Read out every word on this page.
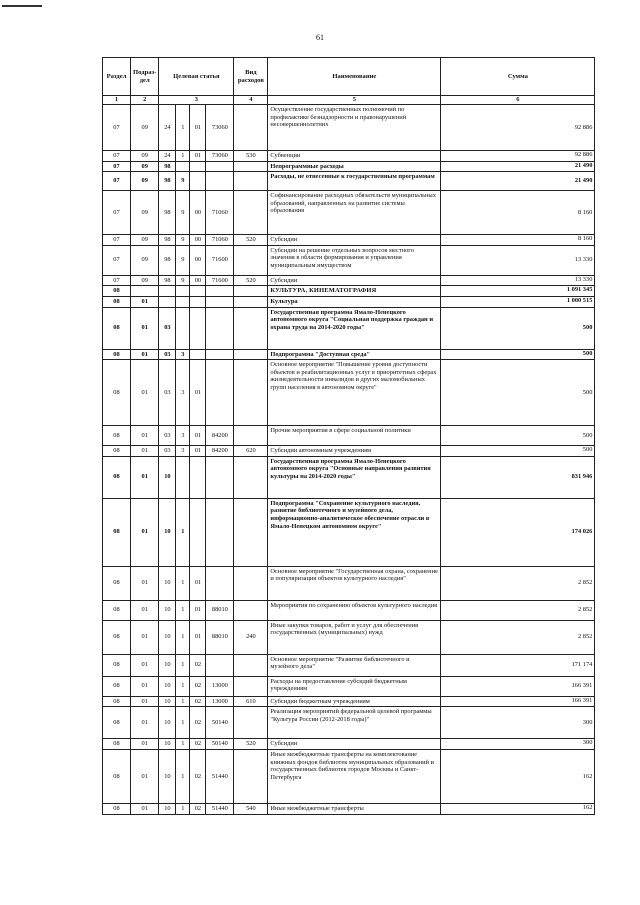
61
Раздел	Подраз-дел	Целевая статья				Вид расходов	Наименование	Сумма
1	2	3				4	5	6
07	09	24	1	01	73060		Осуществление государственных полномочий по профилактике безнадзорности и правонарушений несовершеннолетних	92 886
07	09	24	1	01	73060	530	Субвенции	92 886
07	09	98					Непрограммные расходы	21 490
07	09	98	9				Расходы, не отнесенные к государственным программам	21 490
07	09	98	9	00	71060		Софинансирование расходных обязательств муниципальных образований, направленных на развитие системы образования	8 160
07	09	98	9	00	71060	520	Субсидии	8 160
07	09	98	9	00	71600		Субсидии на решение отдельных вопросов местного значения в области формирования и управления муниципальным имуществом	13 330
07	09	98	9	00	71600	520	Субсидии	13 330
08							КУЛЬТУРА, КИНЕМАТОГРАФИЯ	1 091 345
08	01						Культура	1 000 515
08	01	03					Государственная программа Ямало-Ненецкого автономного округа "Социальная поддержка граждан и охрана труда на 2014-2020 годы"	500
08	01	03	3				Подпрограмма "Доступная среда"	500
08	01	03	3	01			Основное мероприятие "Повышение уровня доступности объектов и реабилитационных услуг в приоритетных сферах жизнедеятельности инвалидов и других маломобильных групп населения в автономном округе"	500
08	01	03	3	01	84200		Прочие мероприятия в сфере социальной политики	500
08	01	03	3	01	84200	620	Субсидии автономным учреждениям	500
08	01	10					Государственная программа Ямало-Ненецкого автономного округа "Основные направления развития культуры на 2014-2020 годы"	831 946
08	01	10	1				Подпрограмма "Сохранение культурного наследия, развитие библиотечного и музейного дела, информационно-аналитическое обеспечение отрасли в Ямало-Ненецком автономном округе"	174 026
08	01	10	1	01			Основное мероприятие "Государственная охрана, сохранение и популяризация объектов культурного наследия"	2 852
08	01	10	1	01	88010		Мероприятия по сохранению объектов культурного наследия	2 852
08	01	10	1	01	88010	240	Иные закупки товаров, работ и услуг для обеспечения государственных (муниципальных) нужд	2 852
08	01	10	1	02			Основное мероприятие "Развитие библиотечного и музейного дела"	171 174
08	01	10	1	02	13000		Расходы на предоставление субсидий бюджетным учреждениям	166 391
08	01	10	1	02	13000	610	Субсидии бюджетным учреждениям	166 391
08	01	10	1	02	50140		Реализация мероприятий федеральной целевой программы "Культура России (2012-2018 годы)"	300
08	01	10	1	02	50140	520	Субсидии	300
08	01	10	1	02	51440		Иные межбюджетные трансферты на комплектование книжных фондов библиотек муниципальных образований и государственных библиотек городов Москвы и Санкт-Петербурга	162
08	01	10	1	02	51440	540	Иные межбюджетные трансферты	162
